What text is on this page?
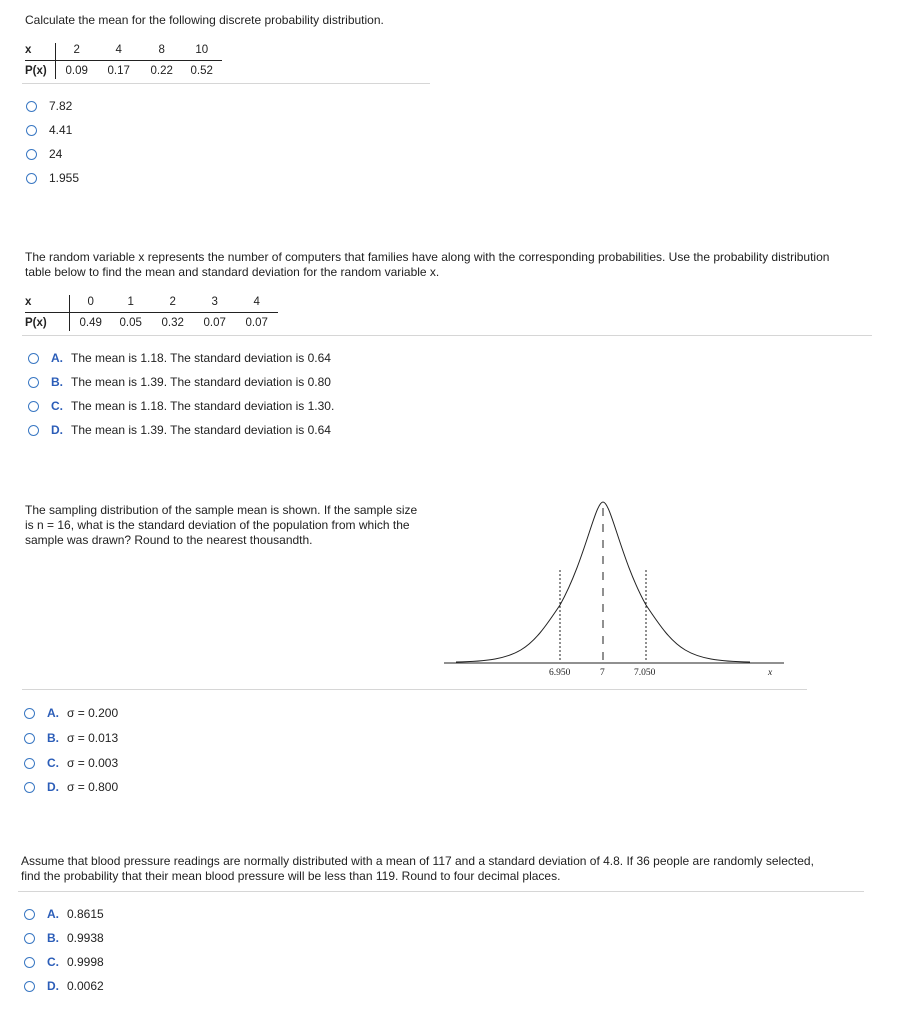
Calculate the mean for the following discrete probability distribution.
x		2	4	8	10
P(x)		0.09	0.17	0.22	0.52
7.82
4.41
24
1.955
The random variable x represents the number of computers that families have along with the corresponding probabilities. Use the probability distribution
table below to find the mean and standard deviation for the random variable x.
x		0	1	2	3	4
P(x)		0.49	0.05	0.32	0.07	0.07
A. The mean is 1.18. The standard deviation is 0.64
B. The mean is 1.39. The standard deviation is 0.80
C. The mean is 1.18. The standard deviation is 1.30.
D. The mean is 1.39. The standard deviation is 0.64
The sampling distribution of the sample mean is shown. If the sample size
is n = 16, what is the standard deviation of the population from which the
sample was drawn? Round to the nearest thousandth.
6.950	7	7.050	x
A. σ = 0.200
B. σ = 0.013
C. σ = 0.003
D. σ = 0.800
Assume that blood pressure readings are normally distributed with a mean of 117 and a standard deviation of 4.8. If 36 people are randomly selected,
find the probability that their mean blood pressure will be less than 119. Round to four decimal places.
A. 0.8615
B. 0.9938
C. 0.9998
D. 0.0062
